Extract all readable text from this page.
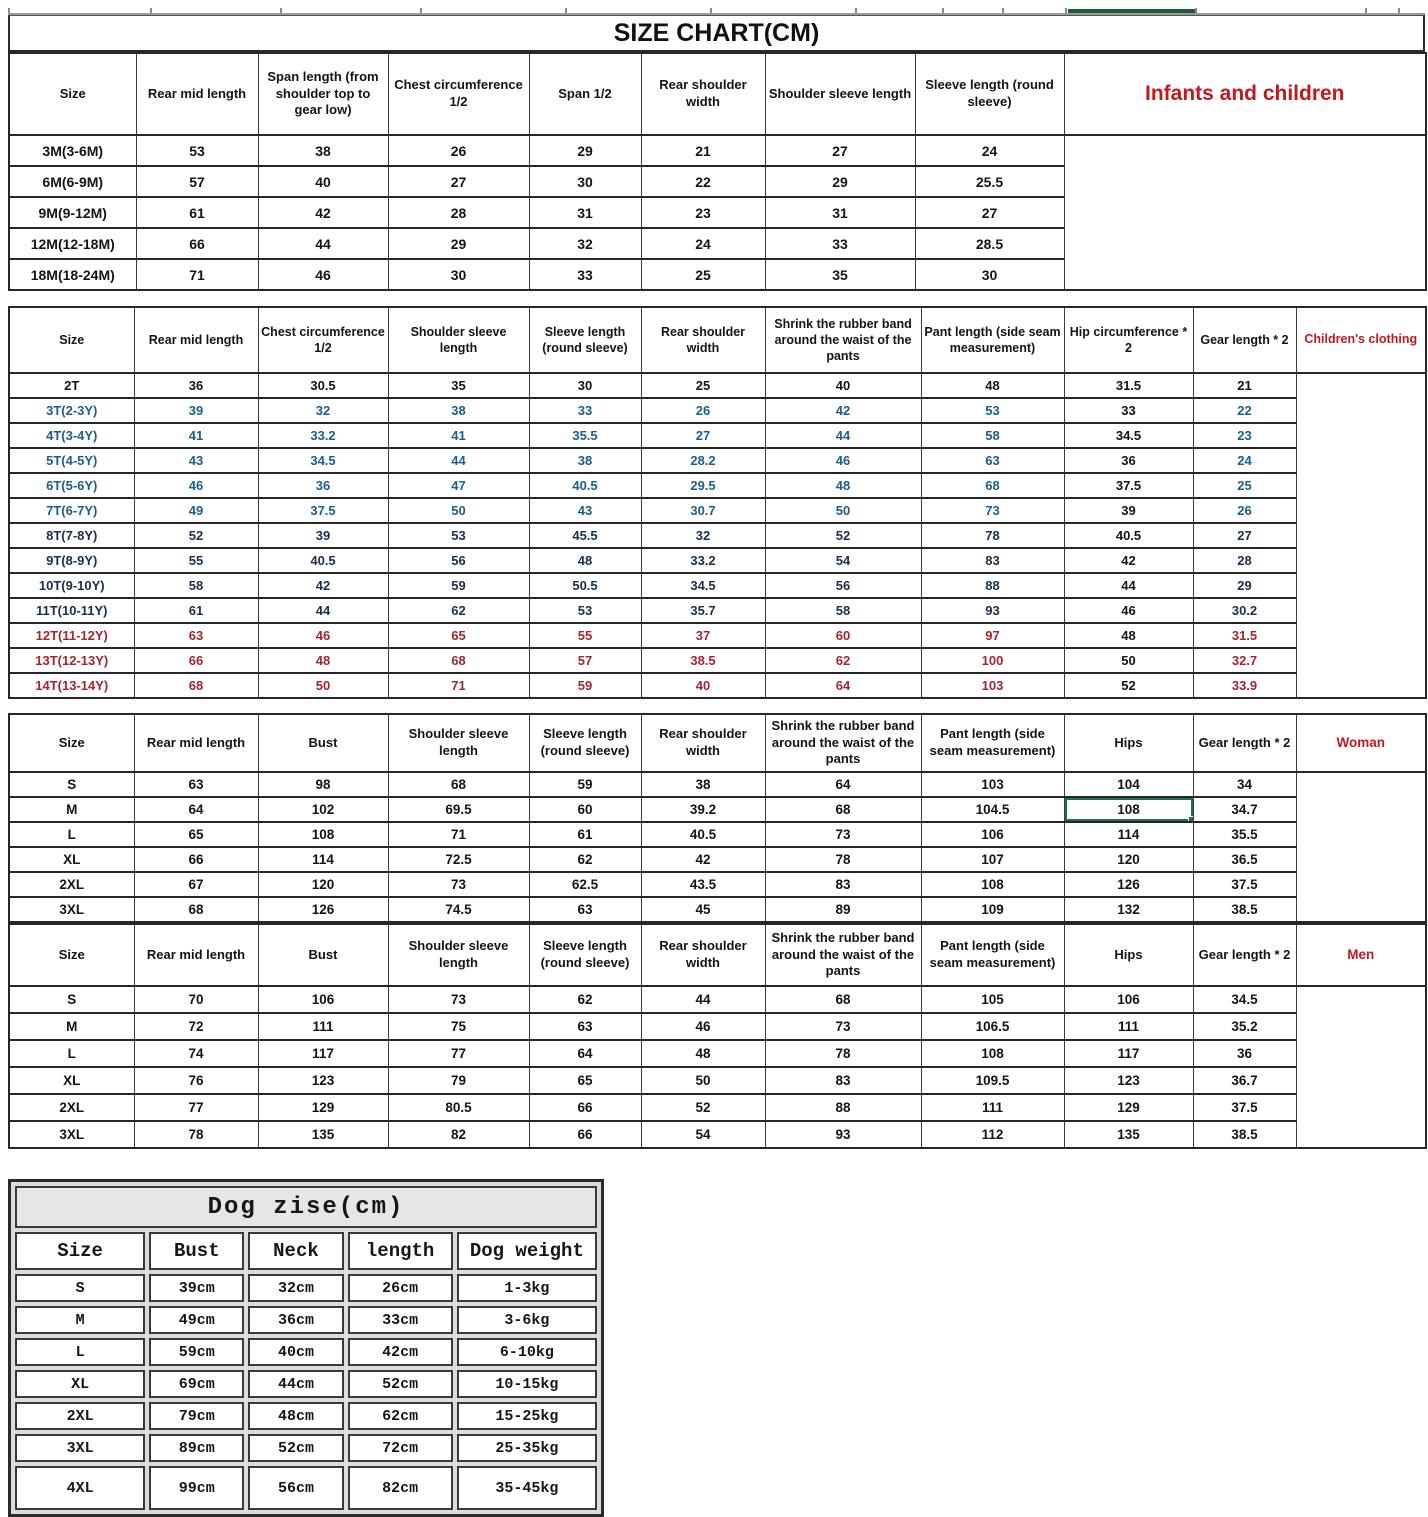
SIZE CHART(CM)
Size	Rear mid length	Span length (from shoulder top to gear low)	Chest circumference 1/2	Span 1/2	Rear shoulder width	Shoulder sleeve length	Sleeve length (round sleeve)	Infants and children
3M(3-6M)	53	38	26	29	21	27	24	
6M(6-9M)	57	40	27	30	22	29	25.5	
9M(9-12M)	61	42	28	31	23	31	27	
12M(12-18M)	66	44	29	32	24	33	28.5	
18M(18-24M)	71	46	30	33	25	35	30	
Size	Rear mid length	Chest circumference 1/2	Shoulder sleeve length	Sleeve length (round sleeve)	Rear shoulder width	Shrink the rubber band around the waist of the pants	Pant length (side seam measurement)	Hip circumference * 2	Gear length * 2	Children's clothing
2T	36	30.5	35	30	25	40	48	31.5	21	
3T(2-3Y)	39	32	38	33	26	42	53	33	22	
4T(3-4Y)	41	33.2	41	35.5	27	44	58	34.5	23	
5T(4-5Y)	43	34.5	44	38	28.2	46	63	36	24	
6T(5-6Y)	46	36	47	40.5	29.5	48	68	37.5	25	
7T(6-7Y)	49	37.5	50	43	30.7	50	73	39	26	
8T(7-8Y)	52	39	53	45.5	32	52	78	40.5	27	
9T(8-9Y)	55	40.5	56	48	33.2	54	83	42	28	
10T(9-10Y)	58	42	59	50.5	34.5	56	88	44	29	
11T(10-11Y)	61	44	62	53	35.7	58	93	46	30.2	
12T(11-12Y)	63	46	65	55	37	60	97	48	31.5	
13T(12-13Y)	66	48	68	57	38.5	62	100	50	32.7	
14T(13-14Y)	68	50	71	59	40	64	103	52	33.9	
Size	Rear mid length	Bust	Shoulder sleeve length	Sleeve length (round sleeve)	Rear shoulder width	Shrink the rubber band around the waist of the pants	Pant length (side seam measurement)	Hips	Gear length * 2	Woman
S	63	98	68	59	38	64	103	104	34	
M	64	102	69.5	60	39.2	68	104.5	108	34.7	
L	65	108	71	61	40.5	73	106	114	35.5	
XL	66	114	72.5	62	42	78	107	120	36.5	
2XL	67	120	73	62.5	43.5	83	108	126	37.5	
3XL	68	126	74.5	63	45	89	109	132	38.5	
Size	Rear mid length	Bust	Shoulder sleeve length	Sleeve length (round sleeve)	Rear shoulder width	Shrink the rubber band around the waist of the pants	Pant length (side seam measurement)	Hips	Gear length * 2	Men
S	70	106	73	62	44	68	105	106	34.5	
M	72	111	75	63	46	73	106.5	111	35.2	
L	74	117	77	64	48	78	108	117	36	
XL	76	123	79	65	50	83	109.5	123	36.7	
2XL	77	129	80.5	66	52	88	111	129	37.5	
3XL	78	135	82	66	54	93	112	135	38.5	
Dog zise(cm)				
Size	Bust	Neck	length	Dog weight
S	39cm	32cm	26cm	1-3kg
M	49cm	36cm	33cm	3-6kg
L	59cm	40cm	42cm	6-10kg
XL	69cm	44cm	52cm	10-15kg
2XL	79cm	48cm	62cm	15-25kg
3XL	89cm	52cm	72cm	25-35kg
4XL	99cm	56cm	82cm	35-45kg
